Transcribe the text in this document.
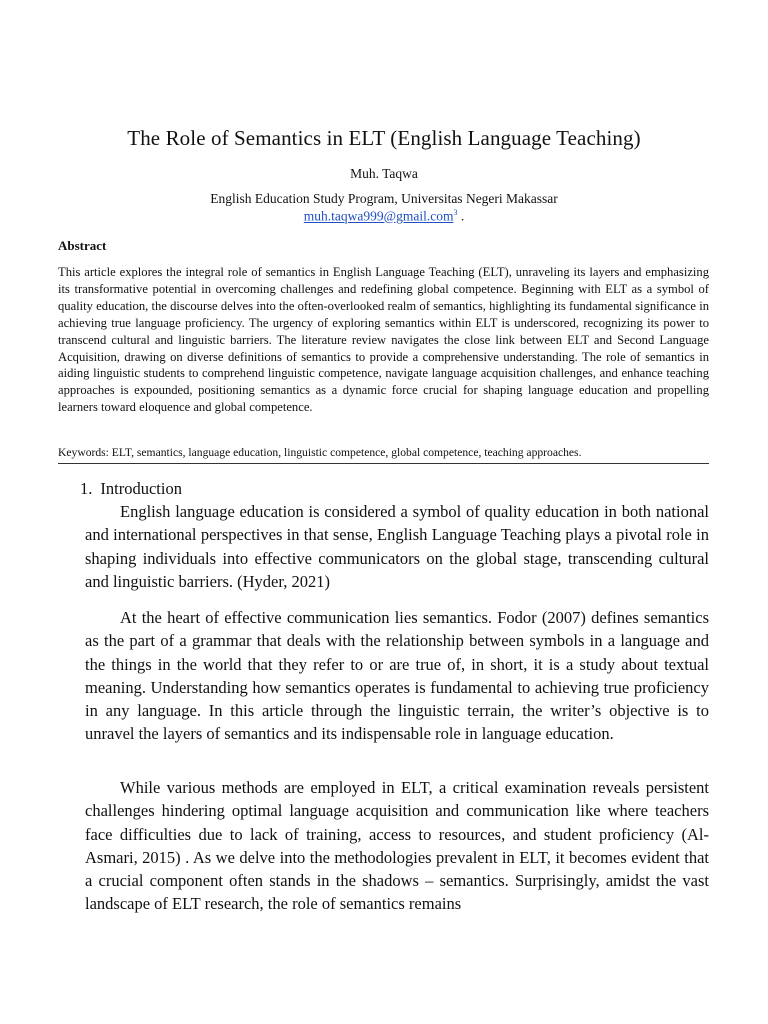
The Role of Semantics in ELT (English Language Teaching)
Muh. Taqwa
English Education Study Program, Universitas Negeri Makassar
muh.taqwa999@gmail.com$^3$ .
Abstract
This article explores the integral role of semantics in English Language Teaching (ELT), unraveling its layers and emphasizing its transformative potential in overcoming challenges and redefining global competence. Beginning with ELT as a symbol of quality education, the discourse delves into the often-overlooked realm of semantics, highlighting its fundamental significance in achieving true language proficiency. The urgency of exploring semantics within ELT is underscored, recognizing its power to transcend cultural and linguistic barriers. The literature review navigates the close link between ELT and Second Language Acquisition, drawing on diverse definitions of semantics to provide a comprehensive understanding. The role of semantics in aiding linguistic students to comprehend linguistic competence, navigate language acquisition challenges, and enhance teaching approaches is expounded, positioning semantics as a dynamic force crucial for shaping language education and propelling learners toward eloquence and global competence.
Keywords: ELT, semantics, language education, linguistic competence, global competence, teaching approaches.
1. Introduction

English language education is considered a symbol of quality education in both national and international perspectives in that sense, English Language Teaching plays a pivotal role in shaping individuals into effective communicators on the global stage, transcending cultural and linguistic barriers. (Hyder, 2021)

At the heart of effective communication lies semantics. Fodor (2007) defines semantics as the part of a grammar that deals with the relationship between symbols in a language and the things in the world that they refer to or are true of, in short, it is a study about textual meaning. Understanding how semantics operates is fundamental to achieving true proficiency in any language. In this article through the linguistic terrain, the writer’s objective is to unravel the layers of semantics and its indispensable role in language education.

While various methods are employed in ELT, a critical examination reveals persistent challenges hindering optimal language acquisition and communication like where teachers face difficulties due to lack of training, access to resources, and student proficiency (Al-Asmari, 2015) . As we delve into the methodologies prevalent in ELT, it becomes evident that a crucial component often stands in the shadows – semantics. Surprisingly, amidst the vast landscape of ELT research, the role of semantics remains
